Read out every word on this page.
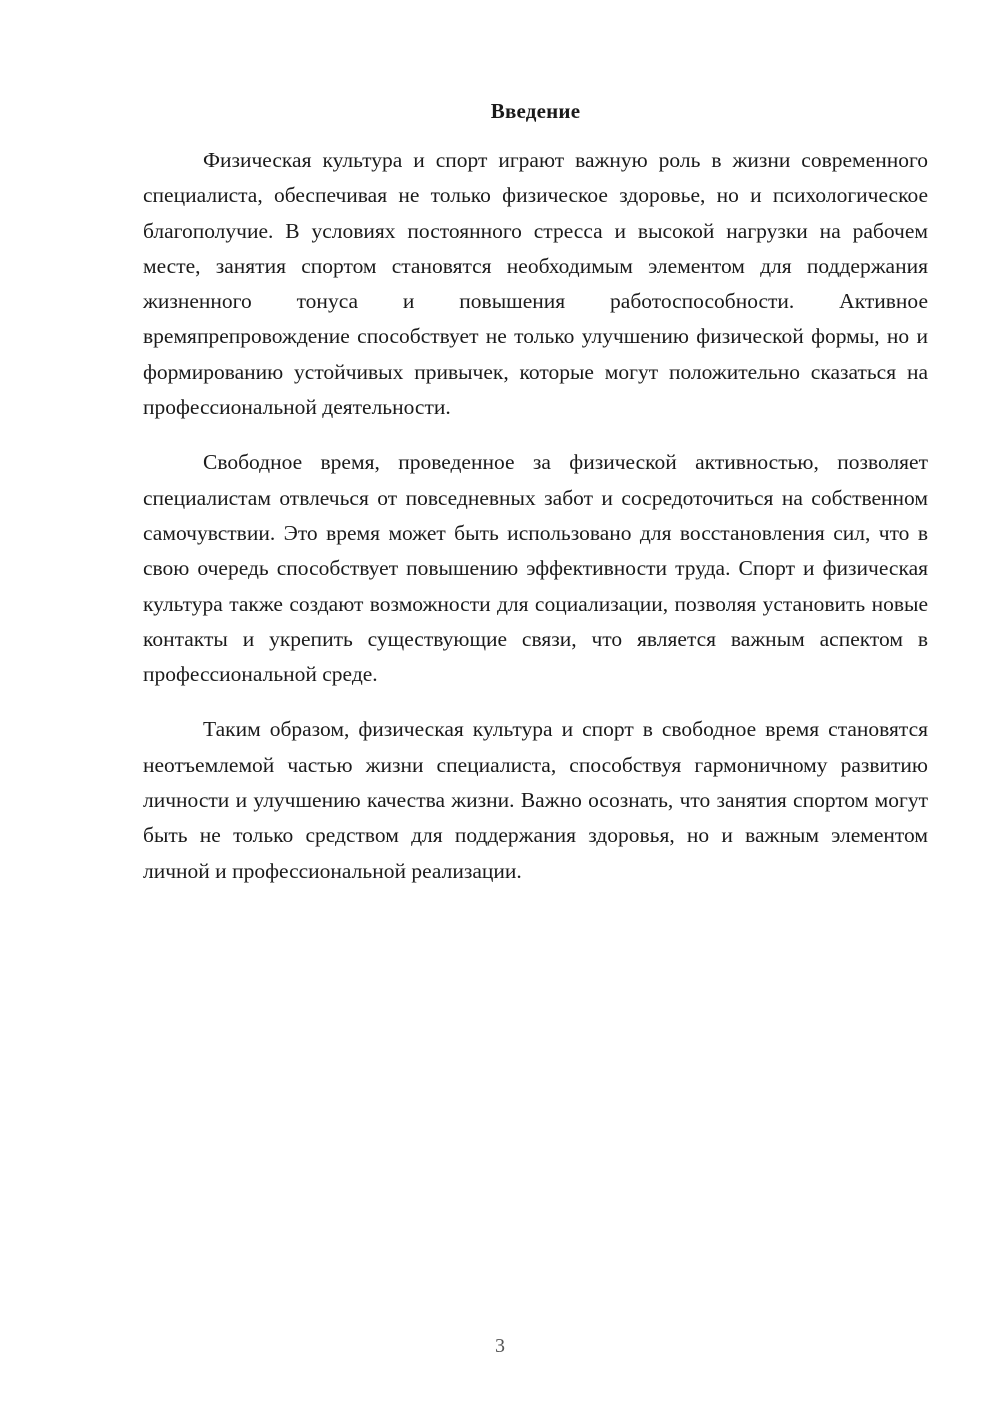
Введение

Физическая культура и спорт играют важную роль в жизни современного специалиста, обеспечивая не только физическое здоровье, но и психологическое благополучие. В условиях постоянного стресса и высокой нагрузки на рабочем месте, занятия спортом становятся необходимым элементом для поддержания жизненного тонуса и повышения работоспособности. Активное времяпрепровождение способствует не только улучшению физической формы, но и формированию устойчивых привычек, которые могут положительно сказаться на профессиональной деятельности.

Свободное время, проведенное за физической активностью, позволяет специалистам отвлечься от повседневных забот и сосредоточиться на собственном самочувствии. Это время может быть использовано для восстановления сил, что в свою очередь способствует повышению эффективности труда. Спорт и физическая культура также создают возможности для социализации, позволяя установить новые контакты и укрепить существующие связи, что является важным аспектом в профессиональной среде.

Таким образом, физическая культура и спорт в свободное время становятся неотъемлемой частью жизни специалиста, способствуя гармоничному развитию личности и улучшению качества жизни. Важно осознать, что занятия спортом могут быть не только средством для поддержания здоровья, но и важным элементом личной и профессиональной реализации.

3
